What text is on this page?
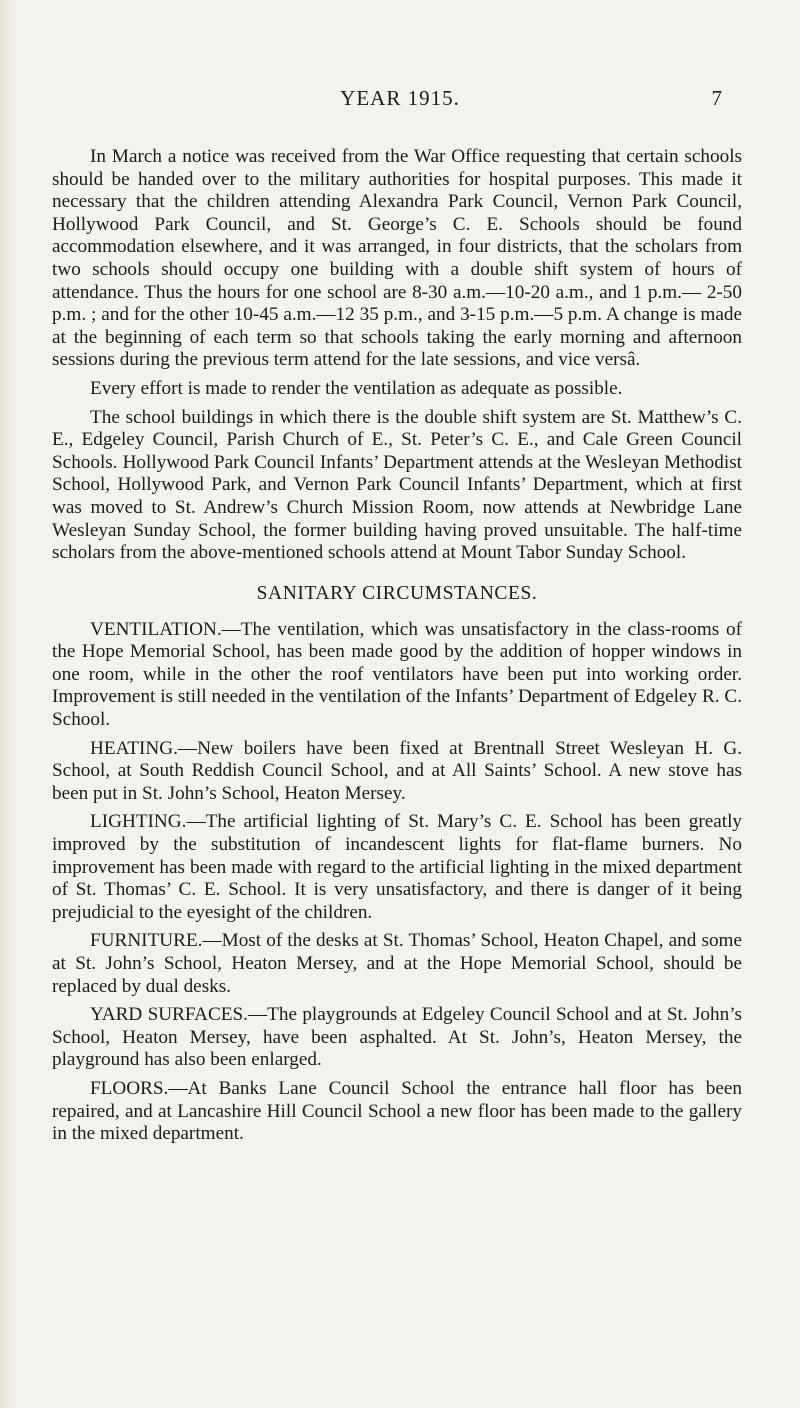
YEAR 1915.	7

In March a notice was received from the War Office requesting that certain schools should be handed over to the military authorities for hospital purposes. This made it necessary that the children attending Alexandra Park Council, Vernon Park Council, Hollywood Park Council, and St. George’s C. E. Schools should be found accommodation elsewhere, and it was arranged, in four districts, that the scholars from two schools should occupy one building with a double shift system of hours of attendance. Thus the hours for one school are 8-30 a.m.—10-20 a.m., and 1 p.m.— 2-50 p.m. ; and for the other 10-45 a.m.—12 35 p.m., and 3-15 p.m.—5 p.m. A change is made at the beginning of each term so that schools taking the early morning and afternoon sessions during the previous term attend for the late sessions, and vice versâ.

Every effort is made to render the ventilation as adequate as possible.

The school buildings in which there is the double shift system are St. Matthew’s C. E., Edgeley Council, Parish Church of E., St. Peter’s C. E., and Cale Green Council Schools. Hollywood Park Council Infants’ Department attends at the Wesleyan Methodist School, Hollywood Park, and Vernon Park Council Infants’ Department, which at first was moved to St. Andrew’s Church Mission Room, now attends at Newbridge Lane Wesleyan Sunday School, the former building having proved unsuitable. The half-time scholars from the above-mentioned schools attend at Mount Tabor Sunday School.

SANITARY CIRCUMSTANCES.

VENTILATION.—The ventilation, which was unsatisfactory in the class-rooms of the Hope Memorial School, has been made good by the addition of hopper windows in one room, while in the other the roof ventilators have been put into working order. Improvement is still needed in the ventilation of the Infants’ Department of Edgeley R. C. School.

HEATING.—New boilers have been fixed at Brentnall Street Wesleyan H. G. School, at South Reddish Council School, and at All Saints’ School. A new stove has been put in St. John’s School, Heaton Mersey.

LIGHTING.—The artificial lighting of St. Mary’s C. E. School has been greatly improved by the substitution of incandescent lights for flat-flame burners. No improvement has been made with regard to the artificial lighting in the mixed department of St. Thomas’ C. E. School. It is very unsatisfactory, and there is danger of it being prejudicial to the eyesight of the children.

FURNITURE.—Most of the desks at St. Thomas’ School, Heaton Chapel, and some at St. John’s School, Heaton Mersey, and at the Hope Memorial School, should be replaced by dual desks.

YARD SURFACES.—The playgrounds at Edgeley Council School and at St. John’s School, Heaton Mersey, have been asphalted. At St. John’s, Heaton Mersey, the playground has also been enlarged.

FLOORS.—At Banks Lane Council School the entrance hall floor has been repaired, and at Lancashire Hill Council School a new floor has been made to the gallery in the mixed department.
